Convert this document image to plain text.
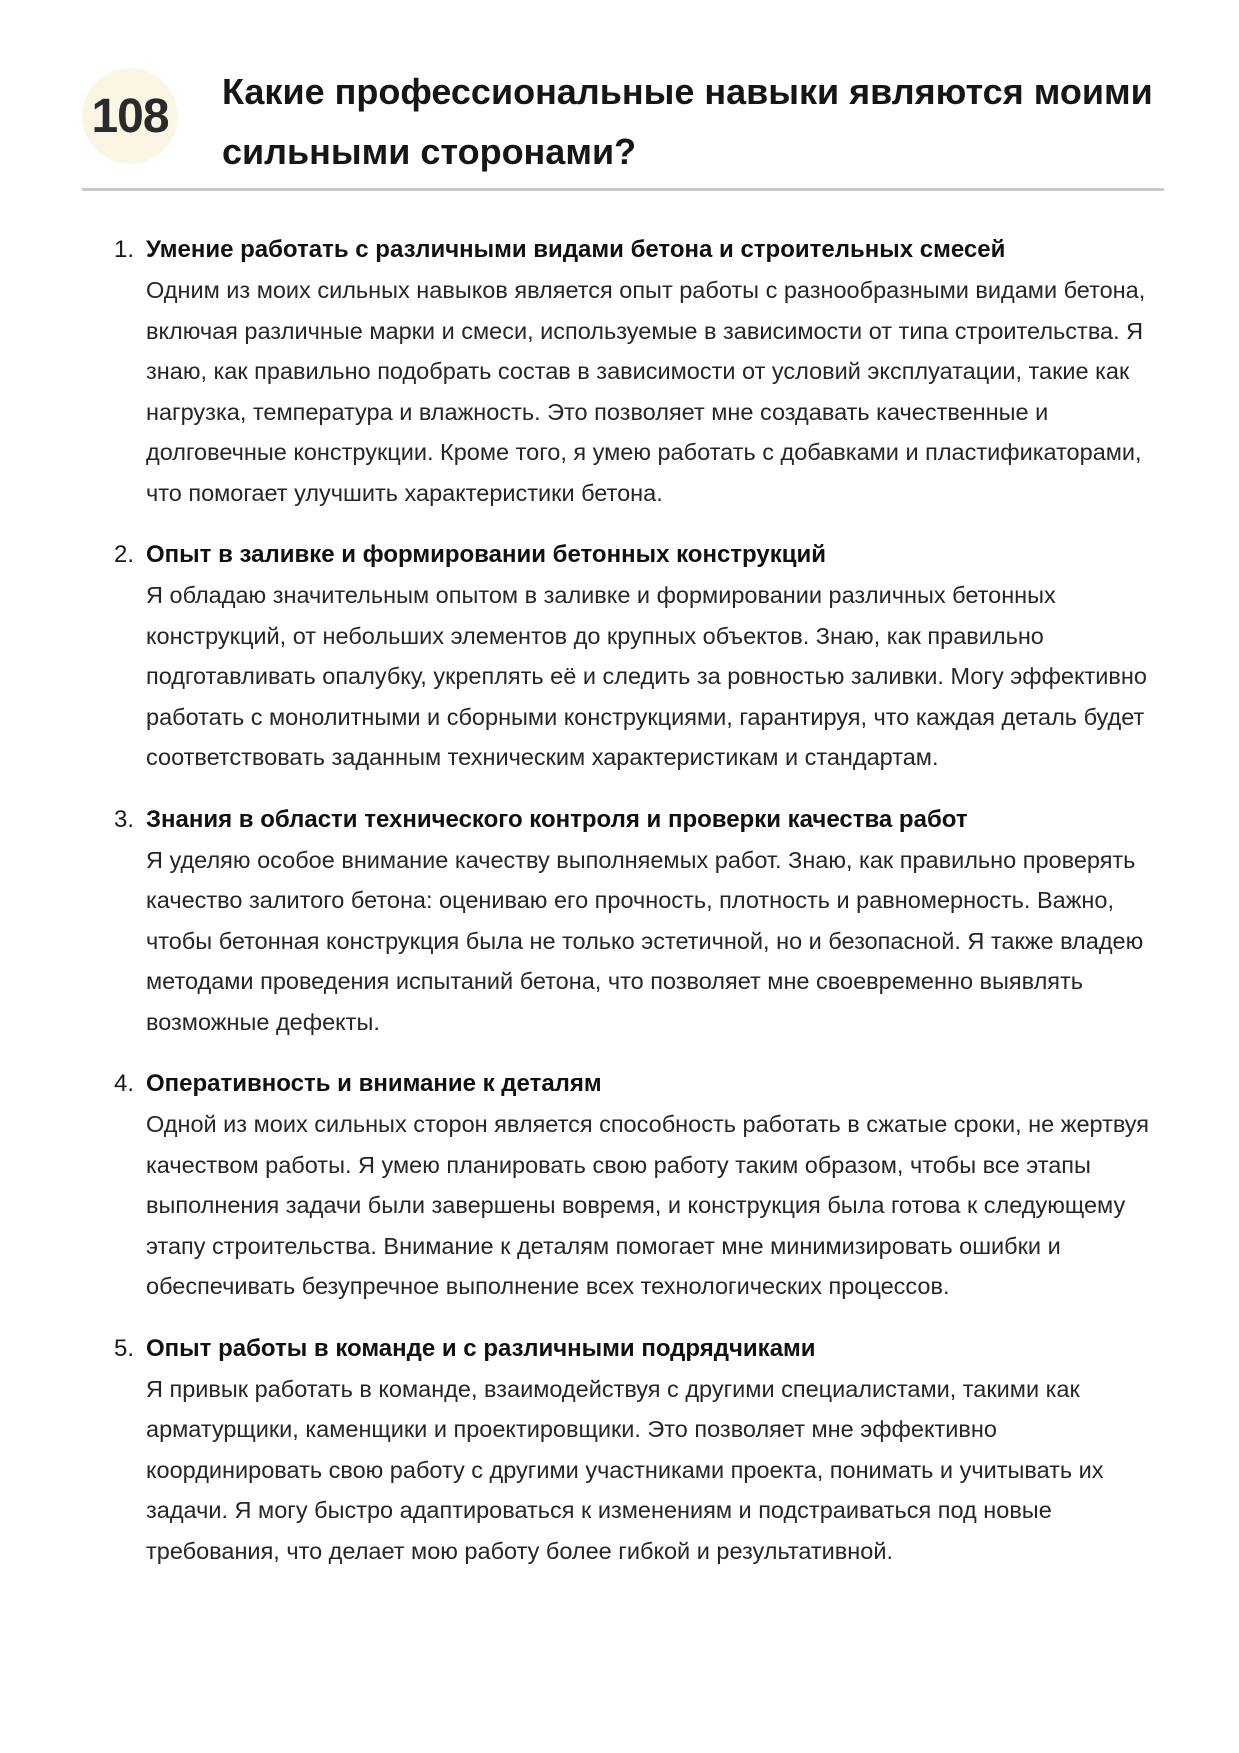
108 Какие профессиональные навыки являются моими сильными сторонами?
1. Умение работать с различными видами бетона и строительных смесей

Одним из моих сильных навыков является опыт работы с разнообразными видами бетона, включая различные марки и смеси, используемые в зависимости от типа строительства. Я знаю, как правильно подобрать состав в зависимости от условий эксплуатации, такие как нагрузка, температура и влажность. Это позволяет мне создавать качественные и долговечные конструкции. Кроме того, я умею работать с добавками и пластификаторами, что помогает улучшить характеристики бетона.

2. Опыт в заливке и формировании бетонных конструкций

Я обладаю значительным опытом в заливке и формировании различных бетонных конструкций, от небольших элементов до крупных объектов. Знаю, как правильно подготавливать опалубку, укреплять её и следить за ровностью заливки. Могу эффективно работать с монолитными и сборными конструкциями, гарантируя, что каждая деталь будет соответствовать заданным техническим характеристикам и стандартам.

3. Знания в области технического контроля и проверки качества работ

Я уделяю особое внимание качеству выполняемых работ. Знаю, как правильно проверять качество залитого бетона: оцениваю его прочность, плотность и равномерность. Важно, чтобы бетонная конструкция была не только эстетичной, но и безопасной. Я также владею методами проведения испытаний бетона, что позволяет мне своевременно выявлять возможные дефекты.

4. Оперативность и внимание к деталям

Одной из моих сильных сторон является способность работать в сжатые сроки, не жертвуя качеством работы. Я умею планировать свою работу таким образом, чтобы все этапы выполнения задачи были завершены вовремя, и конструкция была готова к следующему этапу строительства. Внимание к деталям помогает мне минимизировать ошибки и обеспечивать безупречное выполнение всех технологических процессов.

5. Опыт работы в команде и с различными подрядчиками

Я привык работать в команде, взаимодействуя с другими специалистами, такими как арматурщики, каменщики и проектировщики. Это позволяет мне эффективно координировать свою работу с другими участниками проекта, понимать и учитывать их задачи. Я могу быстро адаптироваться к изменениям и подстраиваться под новые требования, что делает мою работу более гибкой и результативной.
